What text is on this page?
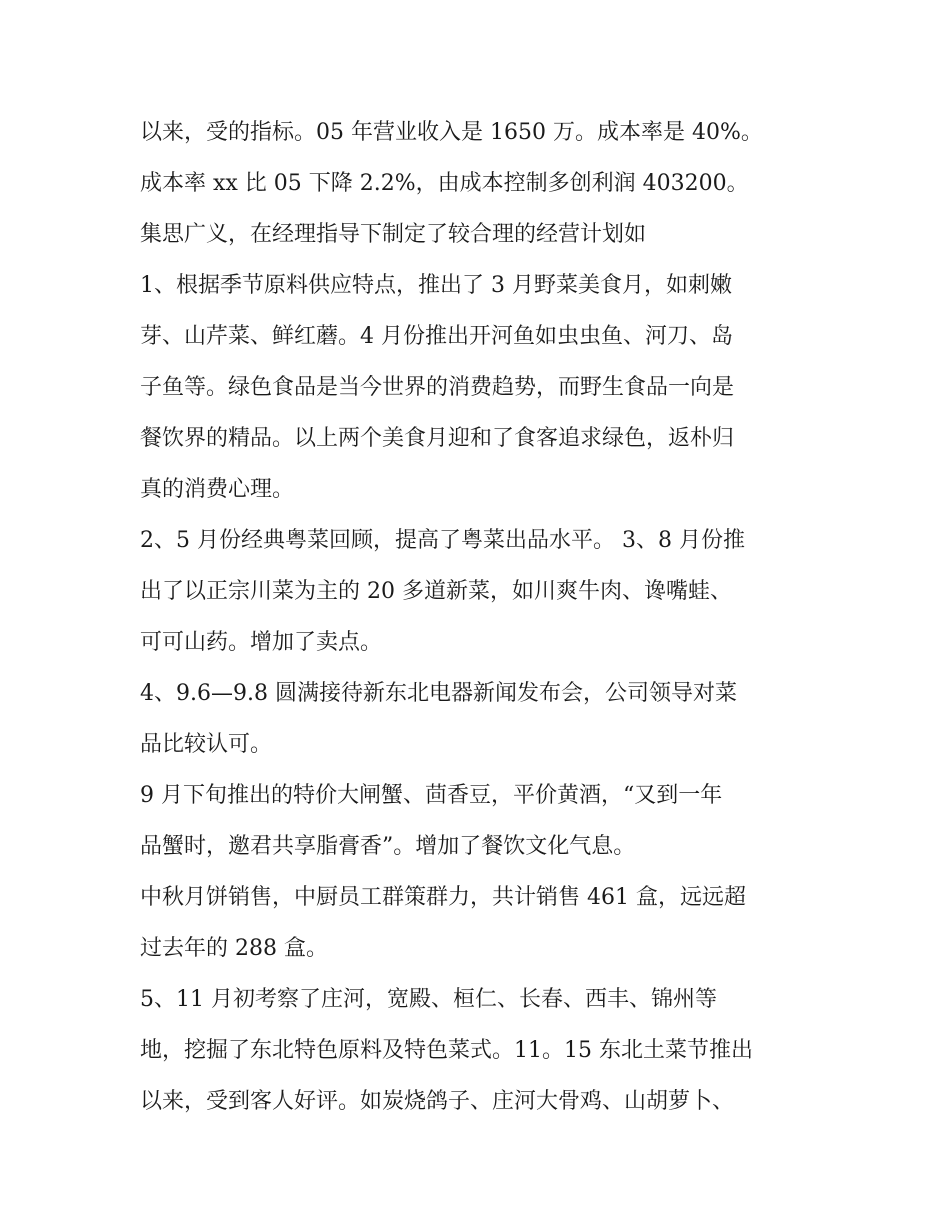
以来，受的指标。05 年营业收入是 1650 万。成本率是 40%。
成本率 xx 比 05 下降 2.2%，由成本控制多创利润 403200。
集思广义，在经理指导下制定了较合理的经营计划如
1、根据季节原料供应特点，推出了 3 月野菜美食月，如刺嫩
芽、山芹菜、鲜红蘑。4 月份推出开河鱼如虫虫鱼、河刀、岛
子鱼等。绿色食品是当今世界的消费趋势，而野生食品一向是
餐饮界的精品。以上两个美食月迎和了食客追求绿色，返朴归
真的消费心理。
2、5 月份经典粤菜回顾，提高了粤菜出品水平。 3、8 月份推
出了以正宗川菜为主的 20 多道新菜，如川爽牛肉、谗嘴蛙、
可可山药。增加了卖点。
4、9.6—9.8 圆满接待新东北电器新闻发布会，公司领导对菜
品比较认可。
9 月下旬推出的特价大闸蟹、茴香豆，平价黄酒，“又到一年
品蟹时，邀君共享脂膏香”。增加了餐饮文化气息。
中秋月饼销售，中厨员工群策群力，共计销售 461 盒，远远超
过去年的 288 盒。
5、11 月初考察了庄河，宽殿、桓仁、长春、西丰、锦州等
地，挖掘了东北特色原料及特色菜式。11。15 东北土菜节推出
以来，受到客人好评。如炭烧鸽子、庄河大骨鸡、山胡萝卜、
